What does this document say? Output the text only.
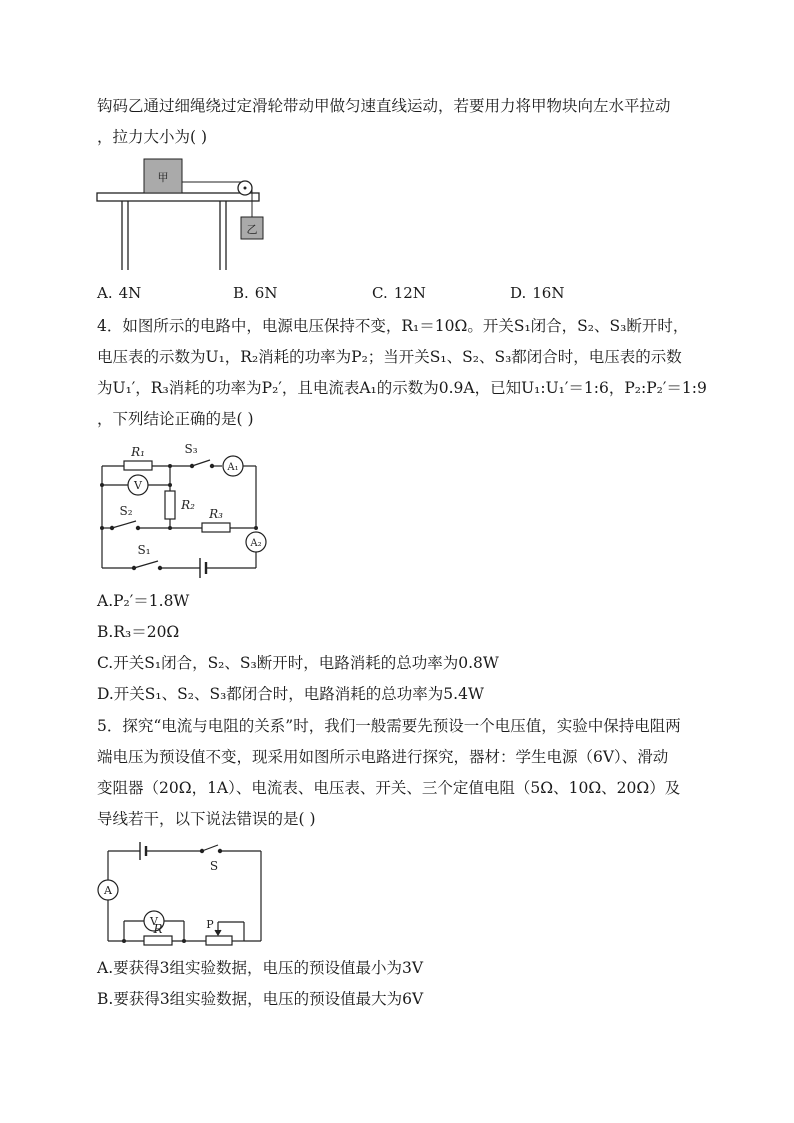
钩码乙通过细绳绕过定滑轮带动甲做匀速直线运动，若要用力将甲物块向左水平拉动
，拉力大小为( )
甲
乙
A. 4N	B. 6N	C. 12N	D. 16N
4．如图所示的电路中，电源电压保持不变，R₁＝10Ω。开关S₁闭合，S₂、S₃断开时，
电压表的示数为U₁，R₂消耗的功率为P₂；当开关S₁、S₂、S₃都闭合时，电压表的示数
为U₁′，R₃消耗的功率为P₂′，且电流表A₁的示数为0.9A，已知U₁:U₁′＝1:6，P₂:P₂′＝1:9
，下列结论正确的是( )
R₁	S₃
A₁
V
R₂
S₂	R₃
A₂
S₁
A.P₂′＝1.8W
B.R₃＝20Ω
C.开关S₁闭合，S₂、S₃断开时，电路消耗的总功率为0.8W
D.开关S₁、S₂、S₃都闭合时，电路消耗的总功率为5.4W
5．探究“电流与电阻的关系”时，我们一般需要先预设一个电压值，实验中保持电阻两
端电压为预设值不变，现采用如图所示电路进行探究，器材：学生电源（6V）、滑动
变阻器（20Ω，1A）、电流表、电压表、开关、三个定值电阻（5Ω、10Ω、20Ω）及
导线若干，以下说法错误的是( )
S
A
V
R	P
A.要获得3组实验数据，电压的预设值最小为3V
B.要获得3组实验数据，电压的预设值最大为6V
